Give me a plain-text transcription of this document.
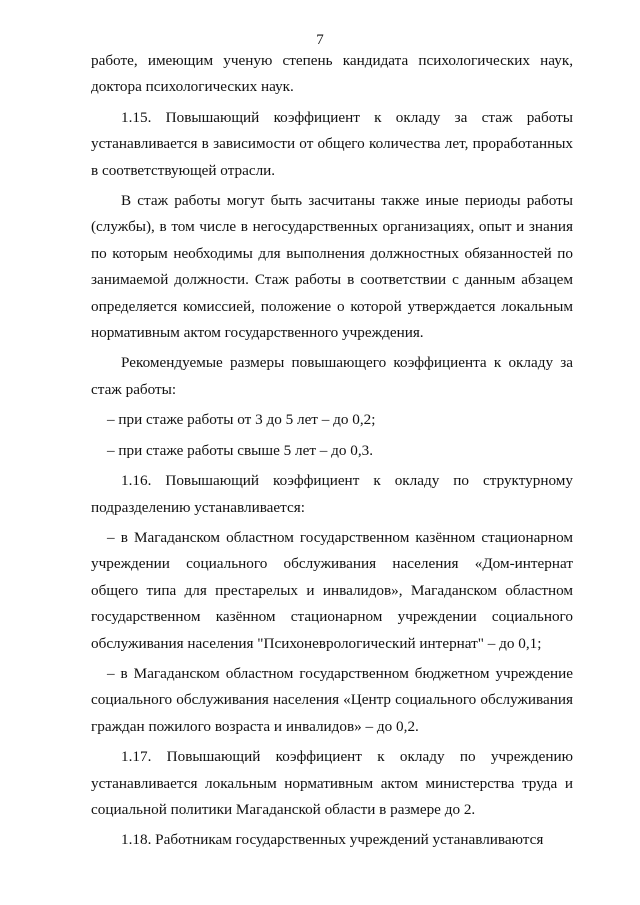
7

работе, имеющим ученую степень кандидата психологических наук, доктора психологических наук.

1.15. Повышающий коэффициент к окладу за стаж работы устанавливается в зависимости от общего количества лет, проработанных в соответствующей отрасли.

В стаж работы могут быть засчитаны также иные периоды работы (службы), в том числе в негосударственных организациях, опыт и знания по которым необходимы для выполнения должностных обязанностей по занимаемой должности. Стаж работы в соответствии с данным абзацем определяется комиссией, положение о которой утверждается локальным нормативным актом государственного учреждения.

Рекомендуемые размеры повышающего коэффициента к окладу за стаж работы:

– при стаже работы от 3 до 5 лет – до 0,2;

– при стаже работы свыше 5 лет – до 0,3.

1.16. Повышающий коэффициент к окладу по структурному подразделению устанавливается:

– в Магаданском областном государственном казённом стационарном учреждении социального обслуживания населения «Дом-интернат общего типа для престарелых и инвалидов», Магаданском областном государственном казённом стационарном учреждении социального обслуживания населения "Психоневрологический интернат" – до 0,1;

– в Магаданском областном государственном бюджетном учреждение социального обслуживания населения «Центр социального обслуживания граждан пожилого возраста и инвалидов» – до 0,2.

1.17. Повышающий коэффициент к окладу по учреждению устанавливается локальным нормативным актом министерства труда и социальной политики Магаданской области в размере до 2.

1.18. Работникам государственных учреждений устанавливаются
